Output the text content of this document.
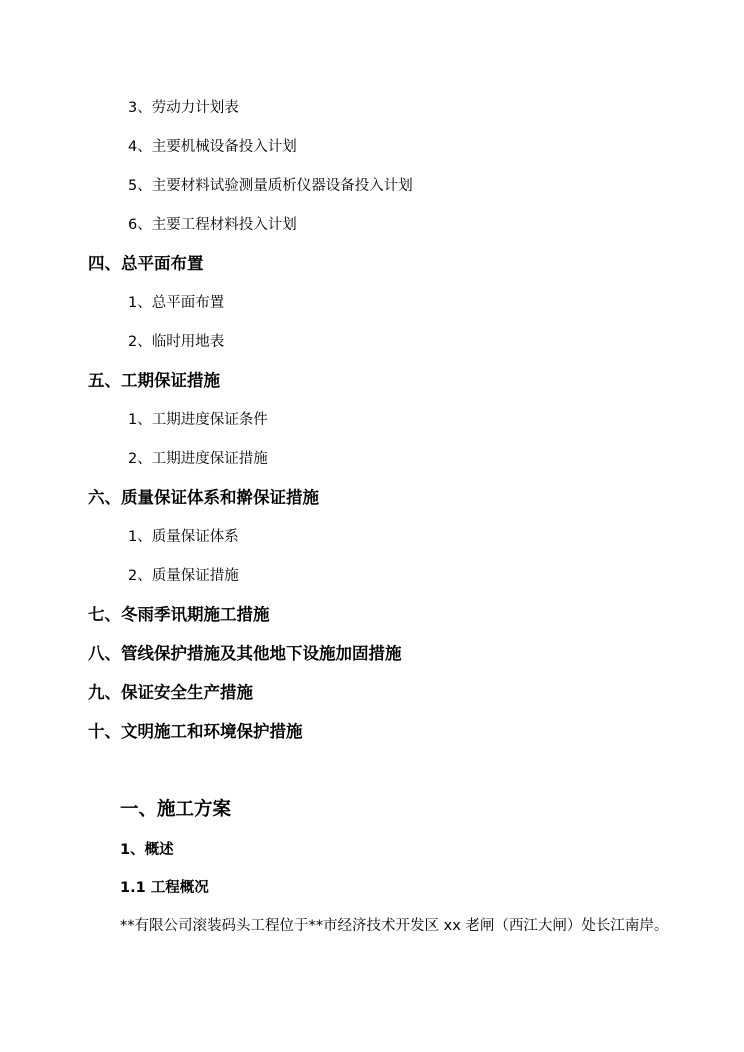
3、劳动力计划表
4、主要机械设备投入计划
5、主要材料试验测量质析仪器设备投入计划
6、主要工程材料投入计划
四、总平面布置
1、总平面布置
2、临时用地表
五、工期保证措施
1、工期进度保证条件
2、工期进度保证措施
六、质量保证体系和擀保证措施
1、质量保证体系
2、质量保证措施
七、冬雨季讯期施工措施
八、管线保护措施及其他地下设施加固措施
九、保证安全生产措施
十、文明施工和环境保护措施
一、施工方案
1、概述
1.1 工程概况
**有限公司滚装码头工程位于**市经济技术开发区 xx 老闸（西江大闸）处长江南岸。
